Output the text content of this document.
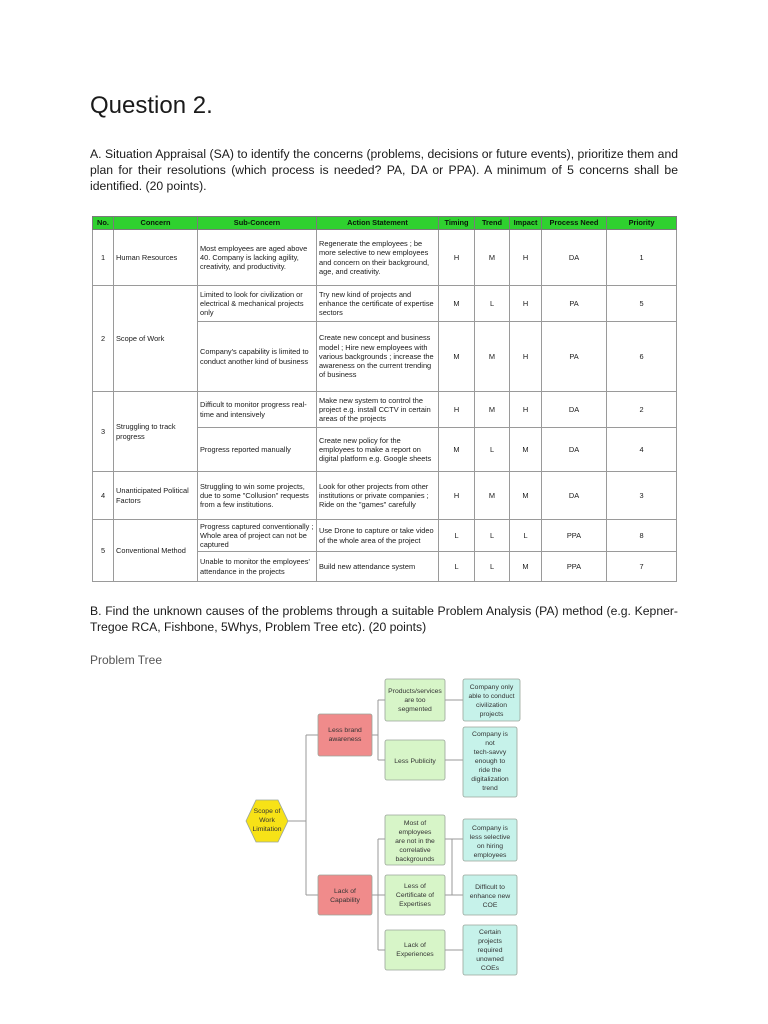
Question 2.

A. Situation Appraisal (SA) to identify the concerns (problems, decisions or future events), prioritize them and plan for their resolutions (which process is needed? PA, DA or PPA). A minimum of 5 concerns shall be identified. (20 points).

No.	Concern	Sub-Concern	Action Statement	Timing	Trend	Impact	Process Need	Priority
1	Human Resources	Most employees are aged above 40. Company is lacking agility, creativity, and productivity.	Regenerate the employees ; be more selective to new employees and concern on their background, age, and creativity.	H	M	H	DA	1
2	Scope of Work	Limited to look for civilization or electrical & mechanical projects only	Try new kind of projects and enhance the certificate of expertise sectors	M	L	H	PA	5
		Company's capability is limited to conduct another kind of business	Create new concept and business model ; Hire new employees with various backgrounds ; increase the awareness on the current trending of business	M	M	H	PA	6
3	Struggling to track progress	Difficult to monitor progress real-time and intensively	Make new system to control the project e.g. install CCTV in certain areas of the projects	H	M	H	DA	2
		Progress reported manually	Create new policy for the employees to make a report on digital platform e.g. Google sheets	M	L	M	DA	4
4	Unanticipated Political Factors	Struggling to win some projects, due to some "Collusion" requests from a few institutions.	Look for other projects from other institutions or private companies ; Ride on the "games" carefully	H	M	M	DA	3
5	Conventional Method	Progress captured conventionally ; Whole area of project can not be captured	Use Drone to capture or take video of the whole area of the project	L	L	L	PPA	8
		Unable to monitor the employees' attendance in the projects	Build new attendance system	L	L	M	PPA	7

B. Find the unknown causes of the problems through a suitable Problem Analysis (PA) method (e.g. Kepner-Tregoe RCA, Fishbone, 5Whys, Problem Tree etc). (20 points)

Problem Tree
Scope of
Work
Limitation
Less brand
awareness
Lack of
Capability
Products/services
are too
segmented
Less Publicity
Most of
employees
are not in the
correlative
backgrounds
Less of
Certificate of
Expertises
Lack of
Experiences
Company only
able to conduct
civilization
projects
Company is
not
tech-savvy
enough to
ride the
digitalization
trend
Company is
less selective
on hiring
employees
Difficult to
enhance new
COE
Certain
projects
required
unowned
COEs
